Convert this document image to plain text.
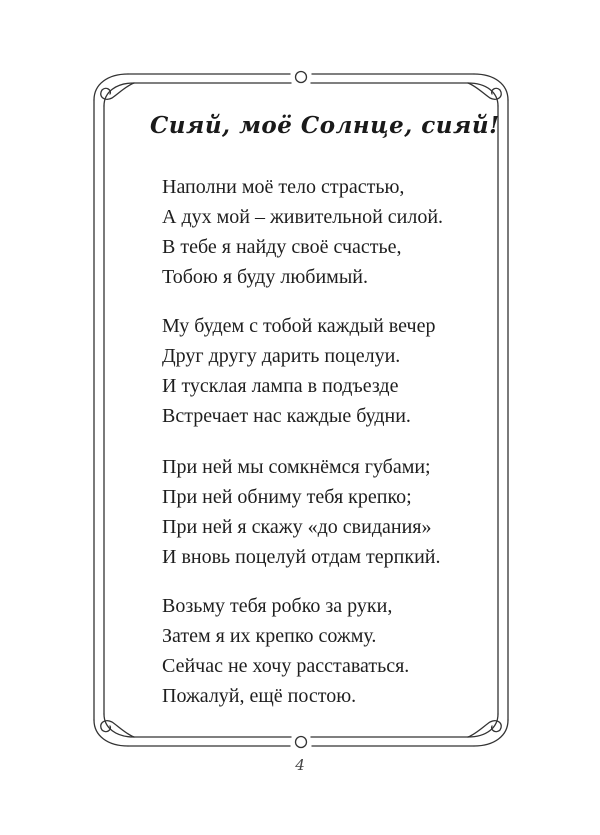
Сияй, моё Солнце, сияй!
Наполни моё тело страстью,
А дух мой – живительной силой.
В тебе я найду своё счастье,
Тобою я буду любимый.
Му будем с тобой каждый вечер
Друг другу дарить поцелуи.
И тусклая лампа в подъезде
Встречает нас каждые будни.
При ней мы сомкнёмся губами;
При ней обниму тебя крепко;
При ней я скажу «до свидания»
И вновь поцелуй отдам терпкий.
Возьму тебя робко за руки,
Затем я их крепко сожму.
Сейчас не хочу расставаться.
Пожалуй, ещё постою.
4
